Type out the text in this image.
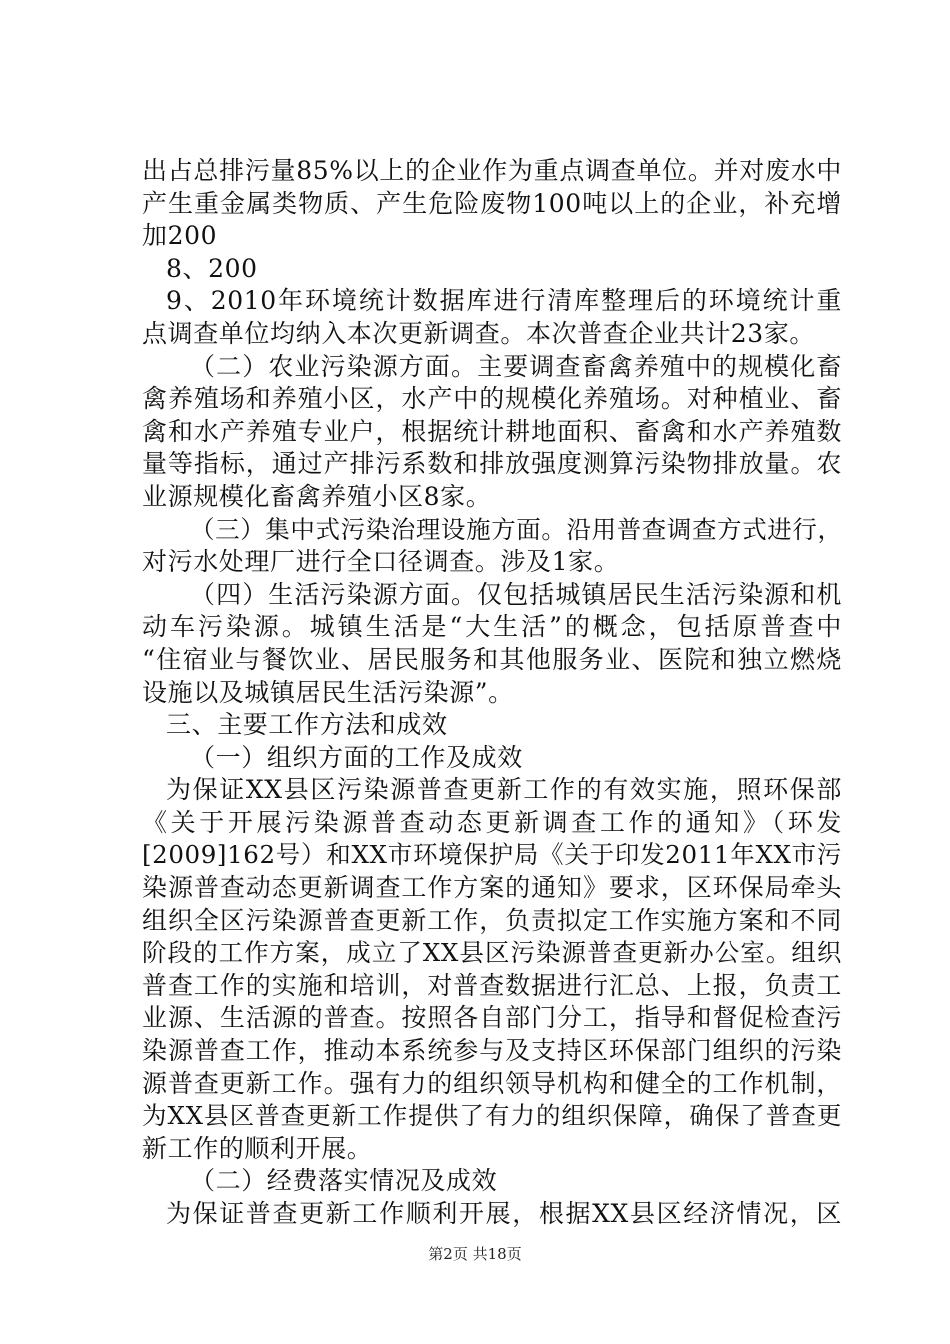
出占总排污量85%以上的企业作为重点调查单位。并对废水中
产生重金属类物质、产生危险废物100吨以上的企业，补充增
加200
8、200
9、2010年环境统计数据库进行清库整理后的环境统计重
点调查单位均纳入本次更新调查。本次普查企业共计23家。
（二）农业污染源方面。主要调查畜禽养殖中的规模化畜
禽养殖场和养殖小区，水产中的规模化养殖场。对种植业、畜
禽和水产养殖专业户，根据统计耕地面积、畜禽和水产养殖数
量等指标，通过产排污系数和排放强度测算污染物排放量。农
业源规模化畜禽养殖小区8家。
（三）集中式污染治理设施方面。沿用普查调查方式进行，
对污水处理厂进行全口径调查。涉及1家。
（四）生活污染源方面。仅包括城镇居民生活污染源和机
动车污染源。城镇生活是“大生活”的概念，包括原普查中
“住宿业与餐饮业、居民服务和其他服务业、医院和独立燃烧
设施以及城镇居民生活污染源”。
三、主要工作方法和成效
（一）组织方面的工作及成效
为保证XX县区污染源普查更新工作的有效实施，照环保部
《关于开展污染源普查动态更新调查工作的通知》（环发
[2009]162号）和XX市环境保护局《关于印发2011年XX市污
染源普查动态更新调查工作方案的通知》要求，区环保局牵头
组织全区污染源普查更新工作，负责拟定工作实施方案和不同
阶段的工作方案，成立了XX县区污染源普查更新办公室。组织
普查工作的实施和培训，对普查数据进行汇总、上报，负责工
业源、生活源的普查。按照各自部门分工，指导和督促检查污
染源普查工作，推动本系统参与及支持区环保部门组织的污染
源普查更新工作。强有力的组织领导机构和健全的工作机制，
为XX县区普查更新工作提供了有力的组织保障，确保了普查更
新工作的顺利开展。
（二）经费落实情况及成效
为保证普查更新工作顺利开展，根据XX县区经济情况，区
第2页 共18页
